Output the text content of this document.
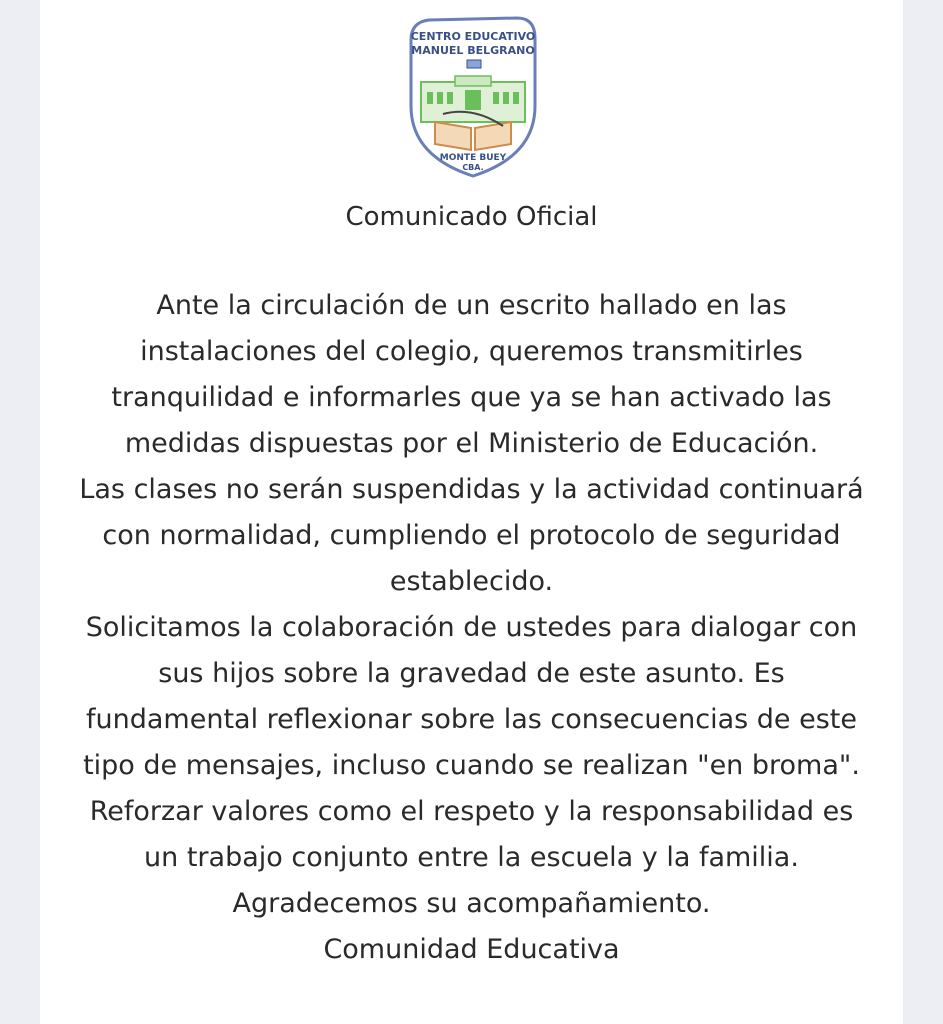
CENTRO EDUCATIVO
MANUEL BELGRANO
MONTE BUEY
CBA.
Comunicado Oficial
Ante la circulación de un escrito hallado en las
instalaciones del colegio, queremos transmitirles
tranquilidad e informarles que ya se han activado las
medidas dispuestas por el Ministerio de Educación.
Las clases no serán suspendidas y la actividad continuará
con normalidad, cumpliendo el protocolo de seguridad
establecido.
Solicitamos la colaboración de ustedes para dialogar con
sus hijos sobre la gravedad de este asunto. Es
fundamental reflexionar sobre las consecuencias de este
tipo de mensajes, incluso cuando se realizan "en broma".
Reforzar valores como el respeto y la responsabilidad es
un trabajo conjunto entre la escuela y la familia.
Agradecemos su acompañamiento.
Comunidad Educativa
